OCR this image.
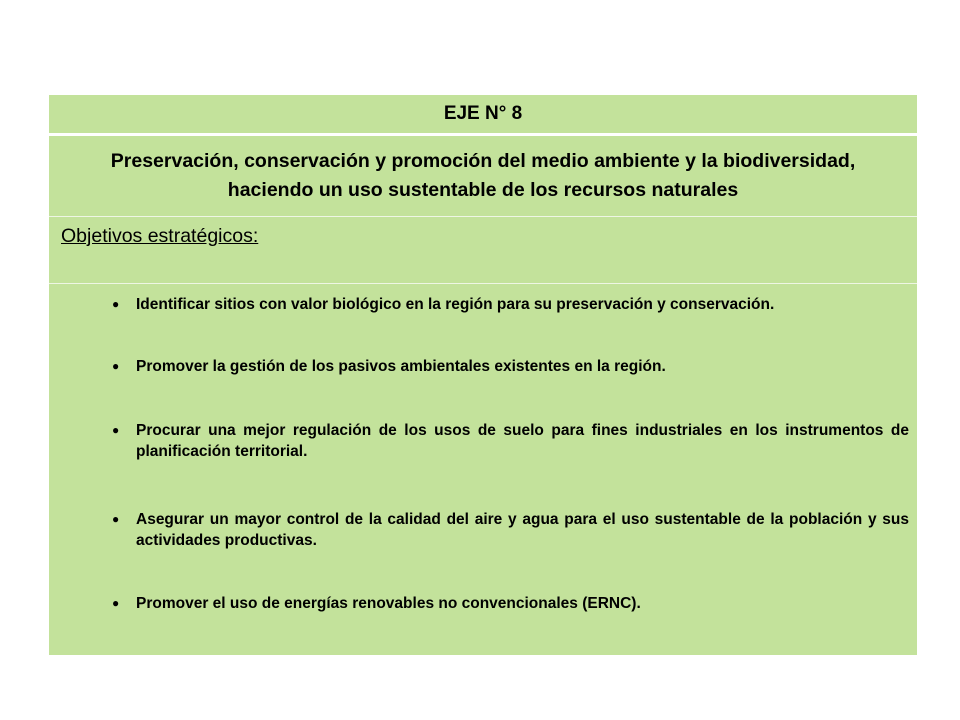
EJE N° 8
Preservación, conservación y promoción del medio ambiente y la biodiversidad, haciendo un uso sustentable de los recursos naturales
Objetivos estratégicos:
● Identificar sitios con valor biológico en la región para su preservación y conservación.
● Promover la gestión de los pasivos ambientales existentes en la región.
● Procurar una mejor regulación de los usos de suelo para fines industriales en los instrumentos de planificación territorial.
● Asegurar un mayor control de la calidad del aire y agua para el uso sustentable de la población y sus actividades productivas.
● Promover el uso de energías renovables no convencionales (ERNC).
